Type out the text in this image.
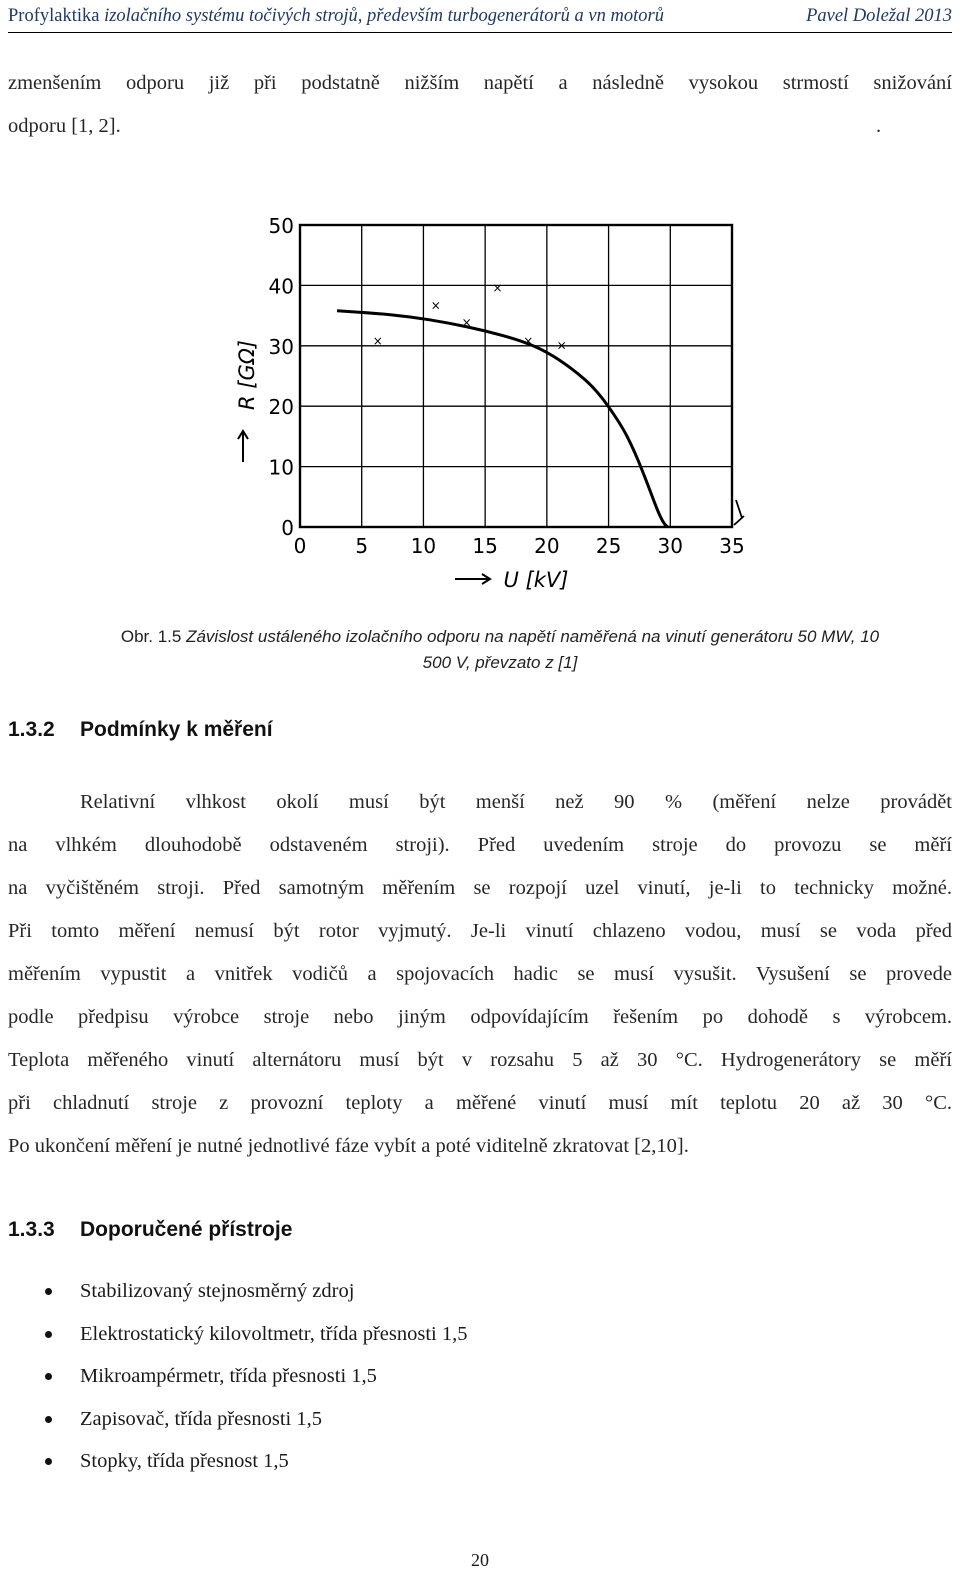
Profylaktika izolačního systému točivých strojů, především turbogenerátorů a vn motorů	Pavel Doležal 2013
zmenšením odporu již při podstatně nižším napětí a následně vysokou strmostí snižování
odporu [1, 2].	.
0 5 10 15 20 25 30 35
0
10
20
30
40
50
×
×
×
×
× ×
U [kV]
R [GΩ]
Obr. 1.5 Závislost ustáleného izolačního odporu na napětí naměřená na vinutí generátoru 50 MW, 10 500 V, převzato z [1]
1.3.2 Podmínky k měření
Relativní vlhkost okolí musí být menší než 90 % (měření nelze provádět
na vlhkém dlouhodobě odstaveném stroji). Před uvedením stroje do provozu se měří
na vyčištěném stroji. Před samotným měřením se rozpojí uzel vinutí, je-li to technicky možné.
Při tomto měření nemusí být rotor vyjmutý. Je-li vinutí chlazeno vodou, musí se voda před
měřením vypustit a vnitřek vodičů a spojovacích hadic se musí vysušit. Vysušení se provede
podle předpisu výrobce stroje nebo jiným odpovídajícím řešením po dohodě s výrobcem.
Teplota měřeného vinutí alternátoru musí být v rozsahu 5 až 30 °C. Hydrogenerátory se měří
při chladnutí stroje z provozní teploty a měřené vinutí musí mít teplotu 20 až 30 °C.
Po ukončení měření je nutné jednotlivé fáze vybít a poté viditelně zkratovat [2,10].
1.3.3 Doporučené přístroje
Stabilizovaný stejnosměrný zdroj
Elektrostatický kilovoltmetr, třída přesnosti 1,5
Mikroampérmetr, třída přesnosti 1,5
Zapisovač, třída přesnosti 1,5
Stopky, třída přesnost 1,5
20
